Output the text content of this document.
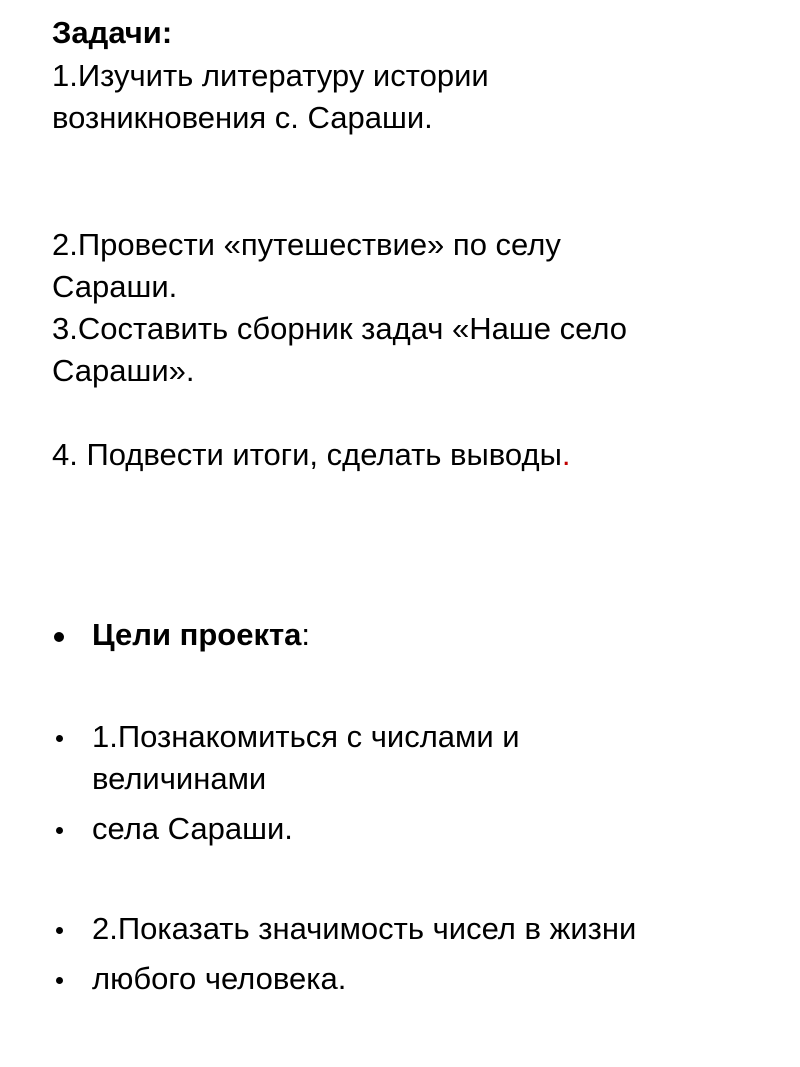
Задачи:
1.Изучить литературу истории
возникновения с. Сараши.
2.Провести «путешествие» по селу
Сараши.
3.Составить сборник задач «Наше село
Сараши».
4. Подвести итоги, сделать выводы.
Цели проекта:
1.Познакомиться с числами и
величинами
села Сараши.
2.Показать значимость чисел в жизни
любого человека.
